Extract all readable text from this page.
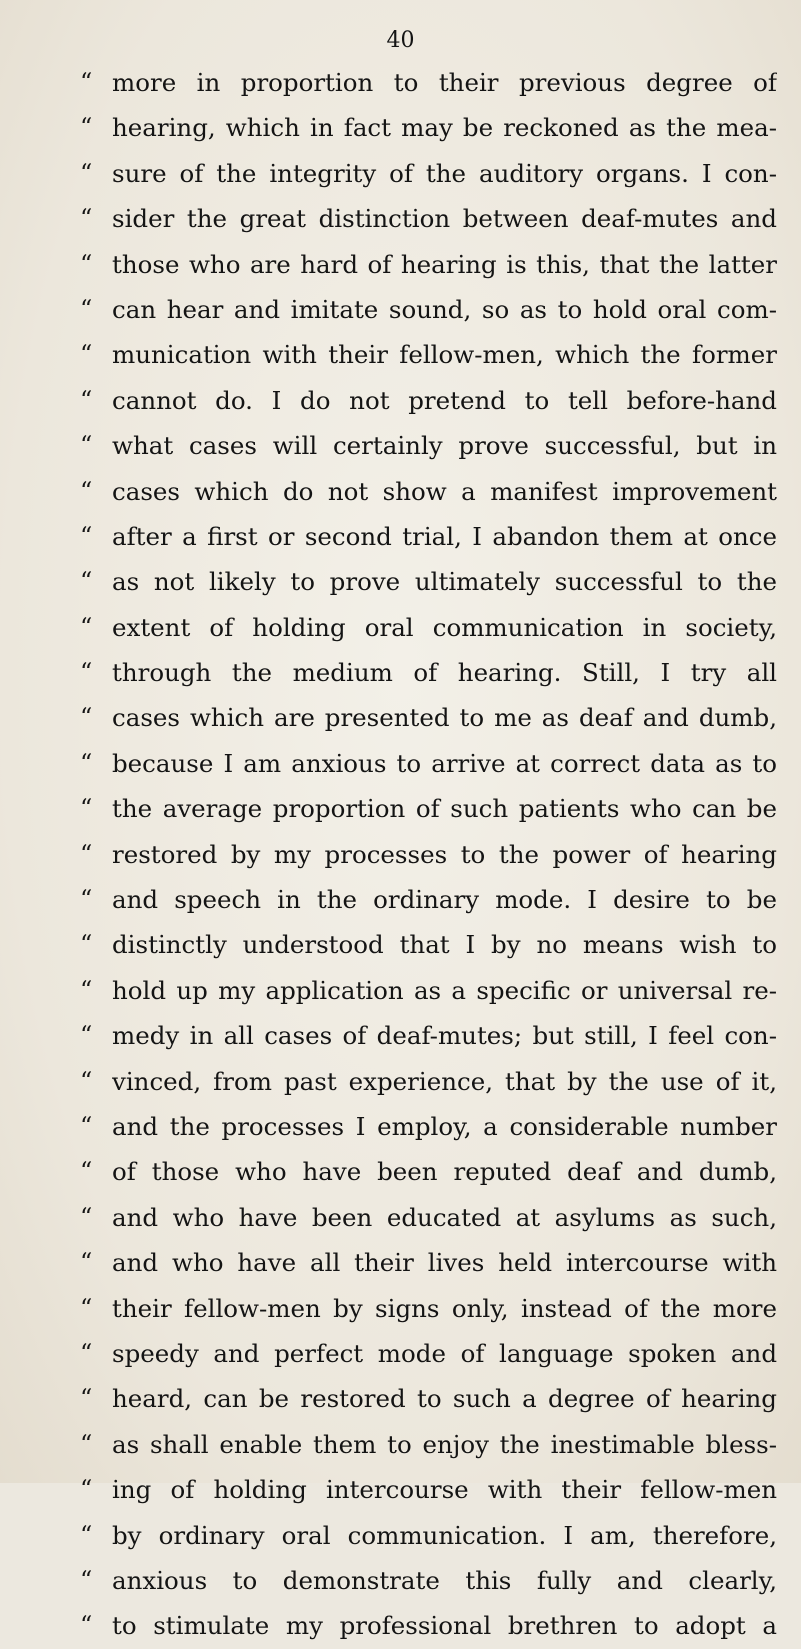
40
“ more in proportion to their previous degree of
“ hearing, which in fact may be reckoned as the mea-
“ sure of the integrity of the auditory organs. I con-
“ sider the great distinction between deaf-mutes and
“ those who are hard of hearing is this, that the latter
“ can hear and imitate sound, so as to hold oral com-
“ munication with their fellow-men, which the former
“ cannot do. I do not pretend to tell before-hand
“ what cases will certainly prove successful, but in
“ cases which do not show a manifest improvement
“ after a first or second trial, I abandon them at once
“ as not likely to prove ultimately successful to the
“ extent of holding oral communication in society,
“ through the medium of hearing. Still, I try all
“ cases which are presented to me as deaf and dumb,
“ because I am anxious to arrive at correct data as to
“ the average proportion of such patients who can be
“ restored by my processes to the power of hearing
“ and speech in the ordinary mode. I desire to be
“ distinctly understood that I by no means wish to
“ hold up my application as a specific or universal re-
“ medy in all cases of deaf-mutes; but still, I feel con-
“ vinced, from past experience, that by the use of it,
“ and the processes I employ, a considerable number
“ of those who have been reputed deaf and dumb,
“ and who have been educated at asylums as such,
“ and who have all their lives held intercourse with
“ their fellow-men by signs only, instead of the more
“ speedy and perfect mode of language spoken and
“ heard, can be restored to such a degree of hearing
“ as shall enable them to enjoy the inestimable bless-
“ ing of holding intercourse with their fellow-men
“ by ordinary oral communication. I am, therefore,
“ anxious to demonstrate this fully and clearly,
“ to stimulate my professional brethren to adopt a
